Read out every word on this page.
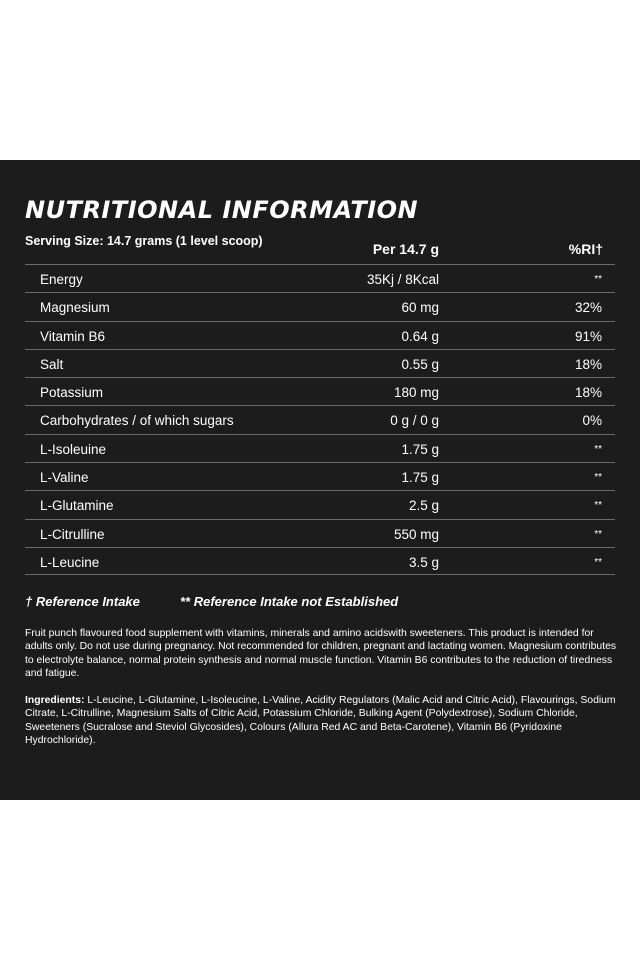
NUTRITIONAL INFORMATION
Serving Size: 14.7 grams (1 level scoop)	Per 14.7 g	%RI†
Energy	35Kj / 8Kcal	**
Magnesium	60 mg	32%
Vitamin B6	0.64 g	91%
Salt	0.55 g	18%
Potassium	180 mg	18%
Carbohydrates / of which sugars	0 g / 0 g	0%
L-Isoleuine	1.75 g	**
L-Valine	1.75 g	**
L-Glutamine	2.5 g	**
L-Citrulline	550 mg	**
L-Leucine	3.5 g	**
† Reference Intake	** Reference Intake not Established
Fruit punch flavoured food supplement with vitamins, minerals and amino acidswith sweeteners. This product is intended for adults only. Do not use during pregnancy. Not recommended for children, pregnant and lactating women. Magnesium contributes to electrolyte balance, normal protein synthesis and normal muscle function. Vitamin B6 contributes to the reduction of tiredness and fatigue.
Ingredients: L-Leucine, L-Glutamine, L-Isoleucine, L-Valine, Acidity Regulators (Malic Acid and Citric Acid), Flavourings, Sodium Citrate, L-Citrulline, Magnesium Salts of Citric Acid, Potassium Chloride, Bulking Agent (Polydextrose), Sodium Chloride, Sweeteners (Sucralose and Steviol Glycosides), Colours (Allura Red AC and Beta-Carotene), Vitamin B6 (Pyridoxine Hydrochloride).
